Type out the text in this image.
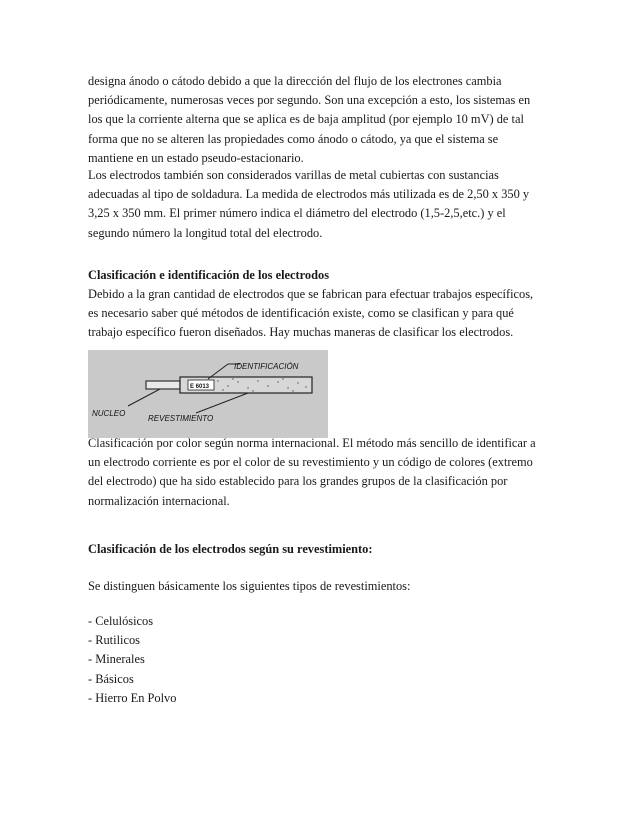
designa ánodo o cátodo debido a que la dirección del flujo de los electrones cambia
periódicamente, numerosas veces por segundo. Son una excepción a esto, los sistemas en
los que la corriente alterna que se aplica es de baja amplitud (por ejemplo 10 mV) de tal
forma que no se alteren las propiedades como ánodo o cátodo, ya que el sistema se
mantiene en un estado pseudo-estacionario.

Los electrodos también son considerados varillas de metal cubiertas con sustancias
adecuadas al tipo de soldadura. La medida de electrodos más utilizada es de 2,50 x 350 y
3,25 x 350 mm. El primer número indica el diámetro del electrodo (1,5-2,5,etc.) y el
segundo número la longitud total del electrodo.

Clasificación e identificación de los electrodos

Debido a la gran cantidad de electrodos que se fabrican para efectuar trabajos específicos,
es necesario saber qué métodos de identificación existe, como se clasifican y para qué
trabajo específico fueron diseñados. Hay muchas maneras de clasificar los electrodos.

E 6013
IDENTIFICACIÓN
NUCLEO
REVESTIMIENTO

Clasificación por color según norma internacional. El método más sencillo de identificar a
un electrodo corriente es por el color de su revestimiento y un código de colores (extremo
del electrodo) que ha sido establecido para los grandes grupos de la clasificación por
normalización internacional.

Clasificación de los electrodos según su revestimiento:

Se distinguen básicamente los siguientes tipos de revestimientos:

- Celulósicos
- Rutilicos
- Minerales
- Básicos
- Hierro En Polvo
